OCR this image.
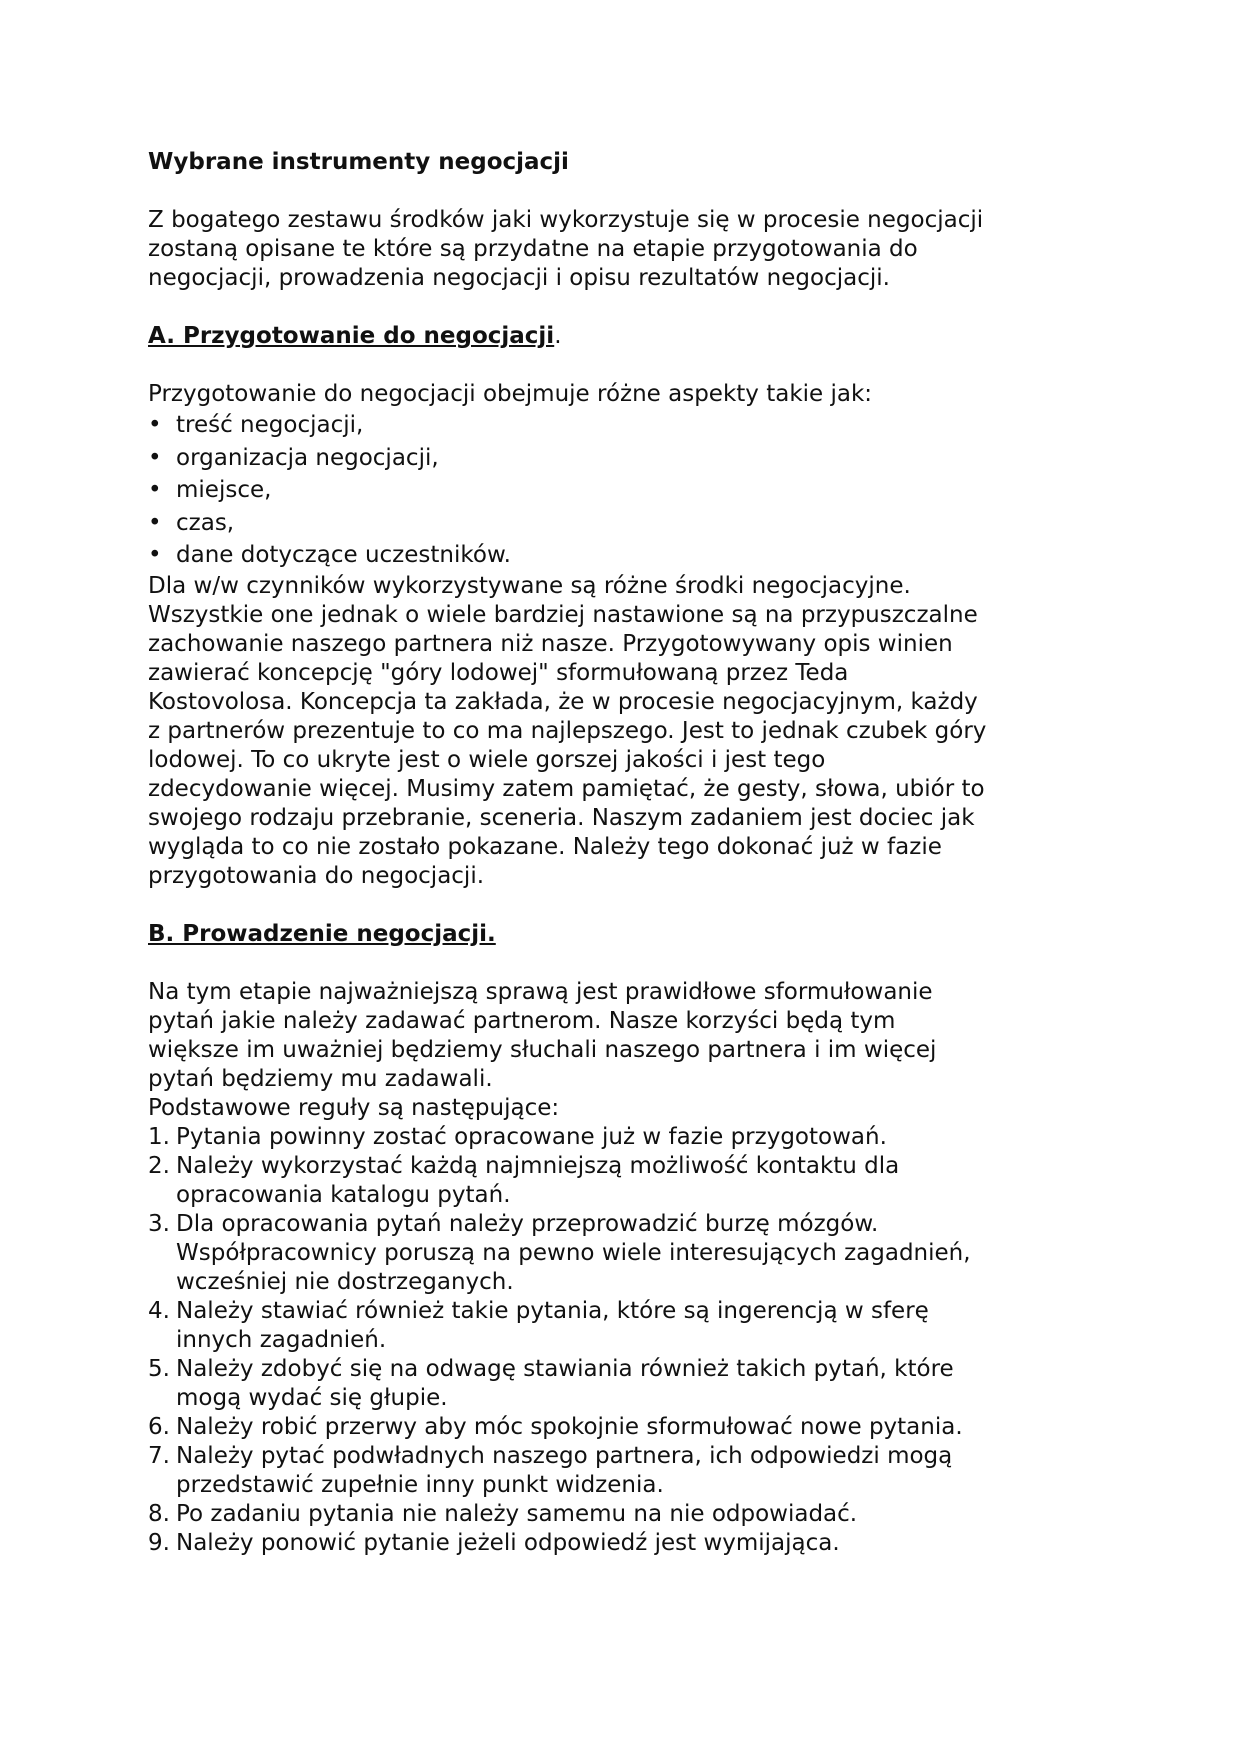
Wybrane instrumenty negocjacji
Z bogatego zestawu środków jaki wykorzystuje się w procesie negocjacji
zostaną opisane te które są przydatne na etapie przygotowania do
negocjacji, prowadzenia negocjacji i opisu rezultatów negocjacji.
A. Przygotowanie do negocjacji.
Przygotowanie do negocjacji obejmuje różne aspekty takie jak:
• treść negocjacji,
• organizacja negocjacji,
• miejsce,
• czas,
• dane dotyczące uczestników.
Dla w/w czynników wykorzystywane są różne środki negocjacyjne.
Wszystkie one jednak o wiele bardziej nastawione są na przypuszczalne
zachowanie naszego partnera niż nasze. Przygotowywany opis winien
zawierać koncepcję "góry lodowej" sformułowaną przez Teda
Kostovolosa. Koncepcja ta zakłada, że w procesie negocjacyjnym, każdy
z partnerów prezentuje to co ma najlepszego. Jest to jednak czubek góry
lodowej. To co ukryte jest o wiele gorszej jakości i jest tego
zdecydowanie więcej. Musimy zatem pamiętać, że gesty, słowa, ubiór to
swojego rodzaju przebranie, sceneria. Naszym zadaniem jest dociec jak
wygląda to co nie zostało pokazane. Należy tego dokonać już w fazie
przygotowania do negocjacji.
B. Prowadzenie negocjacji.
Na tym etapie najważniejszą sprawą jest prawidłowe sformułowanie
pytań jakie należy zadawać partnerom. Nasze korzyści będą tym
większe im uważniej będziemy słuchali naszego partnera i im więcej
pytań będziemy mu zadawali.
Podstawowe reguły są następujące:
1. Pytania powinny zostać opracowane już w fazie przygotowań.
2. Należy wykorzystać każdą najmniejszą możliwość kontaktu dla
opracowania katalogu pytań.
3. Dla opracowania pytań należy przeprowadzić burzę mózgów.
Współpracownicy poruszą na pewno wiele interesujących zagadnień,
wcześniej nie dostrzeganych.
4. Należy stawiać również takie pytania, które są ingerencją w sferę
innych zagadnień.
5. Należy zdobyć się na odwagę stawiania również takich pytań, które
mogą wydać się głupie.
6. Należy robić przerwy aby móc spokojnie sformułować nowe pytania.
7. Należy pytać podwładnych naszego partnera, ich odpowiedzi mogą
przedstawić zupełnie inny punkt widzenia.
8. Po zadaniu pytania nie należy samemu na nie odpowiadać.
9. Należy ponowić pytanie jeżeli odpowiedź jest wymijająca.
